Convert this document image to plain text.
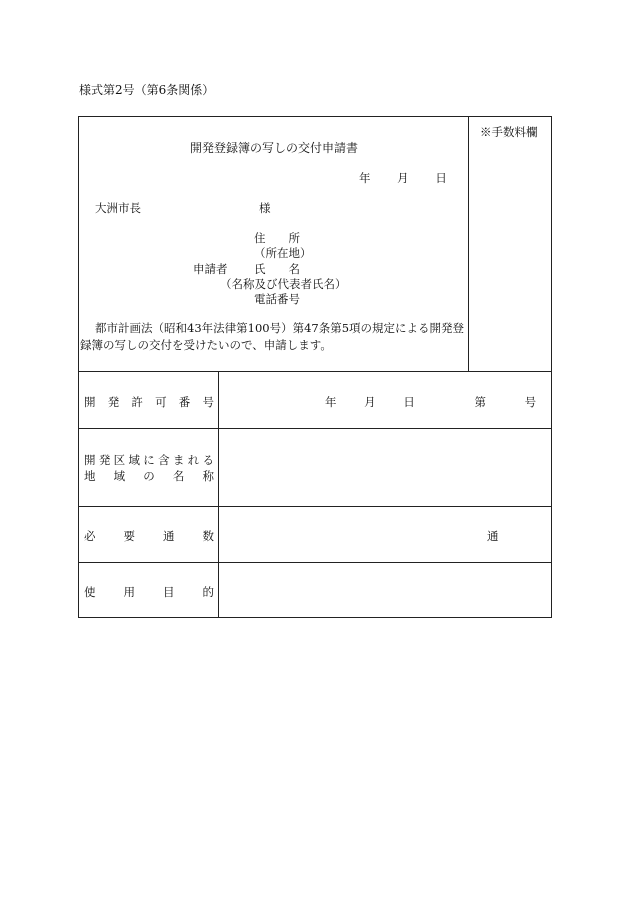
様式第2号（第6条関係）
開発登録簿の写しの交付申請書
年 月 日
大洲市長	様
住　　所
（所在地）
申請者 氏　　名
（名称及び代表者氏名）
電話番号
都市計画法（昭和43年法律第100号）第47条第5項の規定による開発登録簿の写しの交付を受けたいので、申請します。
※手数料欄
開 発 許 可 番 号	年 月 日	第	号
開 発 区 域 に 含 ま れ る
地 域 の 名 称
必 要 通 数	通
使 用 目 的
